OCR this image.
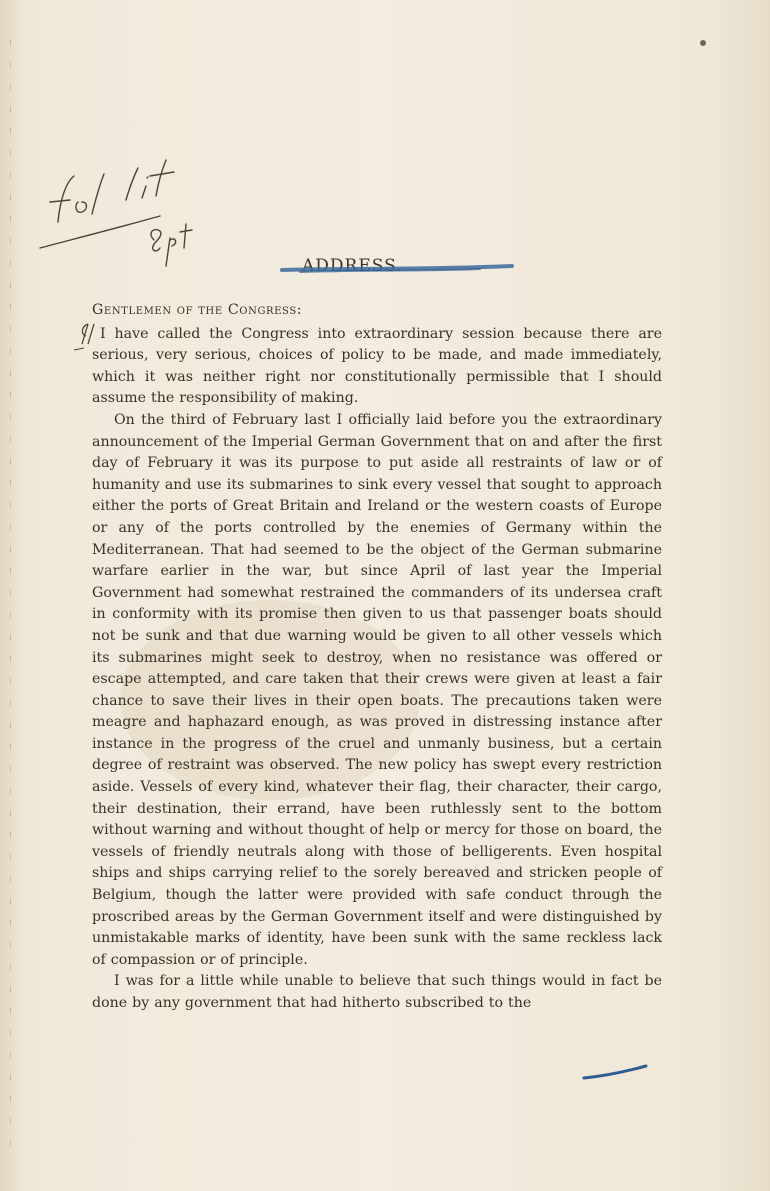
ADDRESS.

Gentlemen of the Congress:

I have called the Congress into extraordinary session because there are serious, very serious, choices of policy to be made, and made immediately, which it was neither right nor constitutionally permissible that I should assume the responsibility of making.

On the third of February last I officially laid before you the extraordinary announcement of the Imperial German Government that on and after the first day of February it was its purpose to put aside all restraints of law or of humanity and use its submarines to sink every vessel that sought to approach either the ports of Great Britain and Ireland or the western coasts of Europe or any of the ports controlled by the enemies of Germany within the Mediterranean. That had seemed to be the object of the German submarine warfare earlier in the war, but since April of last year the Imperial Government had somewhat restrained the commanders of its undersea craft in conformity with its promise then given to us that passenger boats should not be sunk and that due warning would be given to all other vessels which its submarines might seek to destroy, when no resistance was offered or escape attempted, and care taken that their crews were given at least a fair chance to save their lives in their open boats. The precautions taken were meagre and haphazard enough, as was proved in distressing instance after instance in the progress of the cruel and unmanly business, but a certain degree of restraint was observed. The new policy has swept every restriction aside. Vessels of every kind, whatever their flag, their character, their cargo, their destination, their errand, have been ruthlessly sent to the bottom without warning and without thought of help or mercy for those on board, the vessels of friendly neutrals along with those of belligerents. Even hospital ships and ships carrying relief to the sorely bereaved and stricken people of Belgium, though the latter were provided with safe conduct through the proscribed areas by the German Government itself and were distinguished by unmistakable marks of identity, have been sunk with the same reckless lack of compassion or of principle.

I was for a little while unable to believe that such things would in fact be done by any government that had hitherto subscribed to the
